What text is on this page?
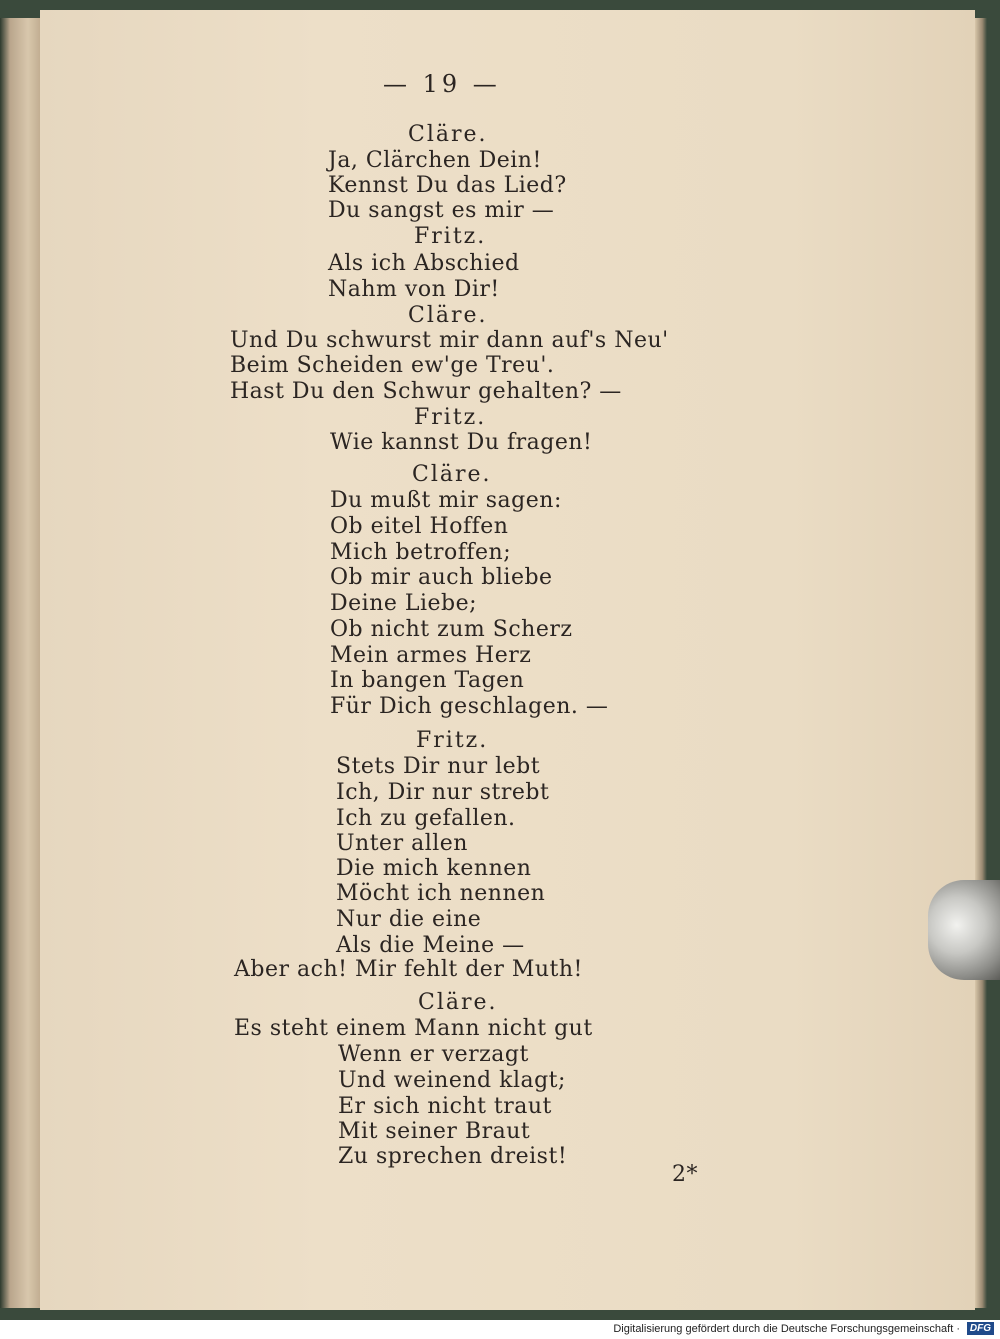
— 19 —
Cläre.
Ja, Clärchen Dein!
Kennst Du das Lied?
Du sangst es mir —
Fritz.
Als ich Abschied
Nahm von Dir!
Cläre.
Und Du schwurst mir dann auf's Neu'
Beim Scheiden ew'ge Treu'.
Hast Du den Schwur gehalten? —
Fritz.
Wie kannst Du fragen!
Cläre.
Du mußt mir sagen:
Ob eitel Hoffen
Mich betroffen;
Ob mir auch bliebe
Deine Liebe;
Ob nicht zum Scherz
Mein armes Herz
In bangen Tagen
Für Dich geschlagen. —
Fritz.
Stets Dir nur lebt
Ich, Dir nur strebt
Ich zu gefallen.
Unter allen
Die mich kennen
Möcht ich nennen
Nur die eine
Als die Meine —
Aber ach! Mir fehlt der Muth!
Cläre.
Es steht einem Mann nicht gut
Wenn er verzagt
Und weinend klagt;
Er sich nicht traut
Mit seiner Braut
Zu sprechen dreist!
2*
Digitalisierung gefördert durch die Deutsche Forschungsgemeinschaft · DFG
